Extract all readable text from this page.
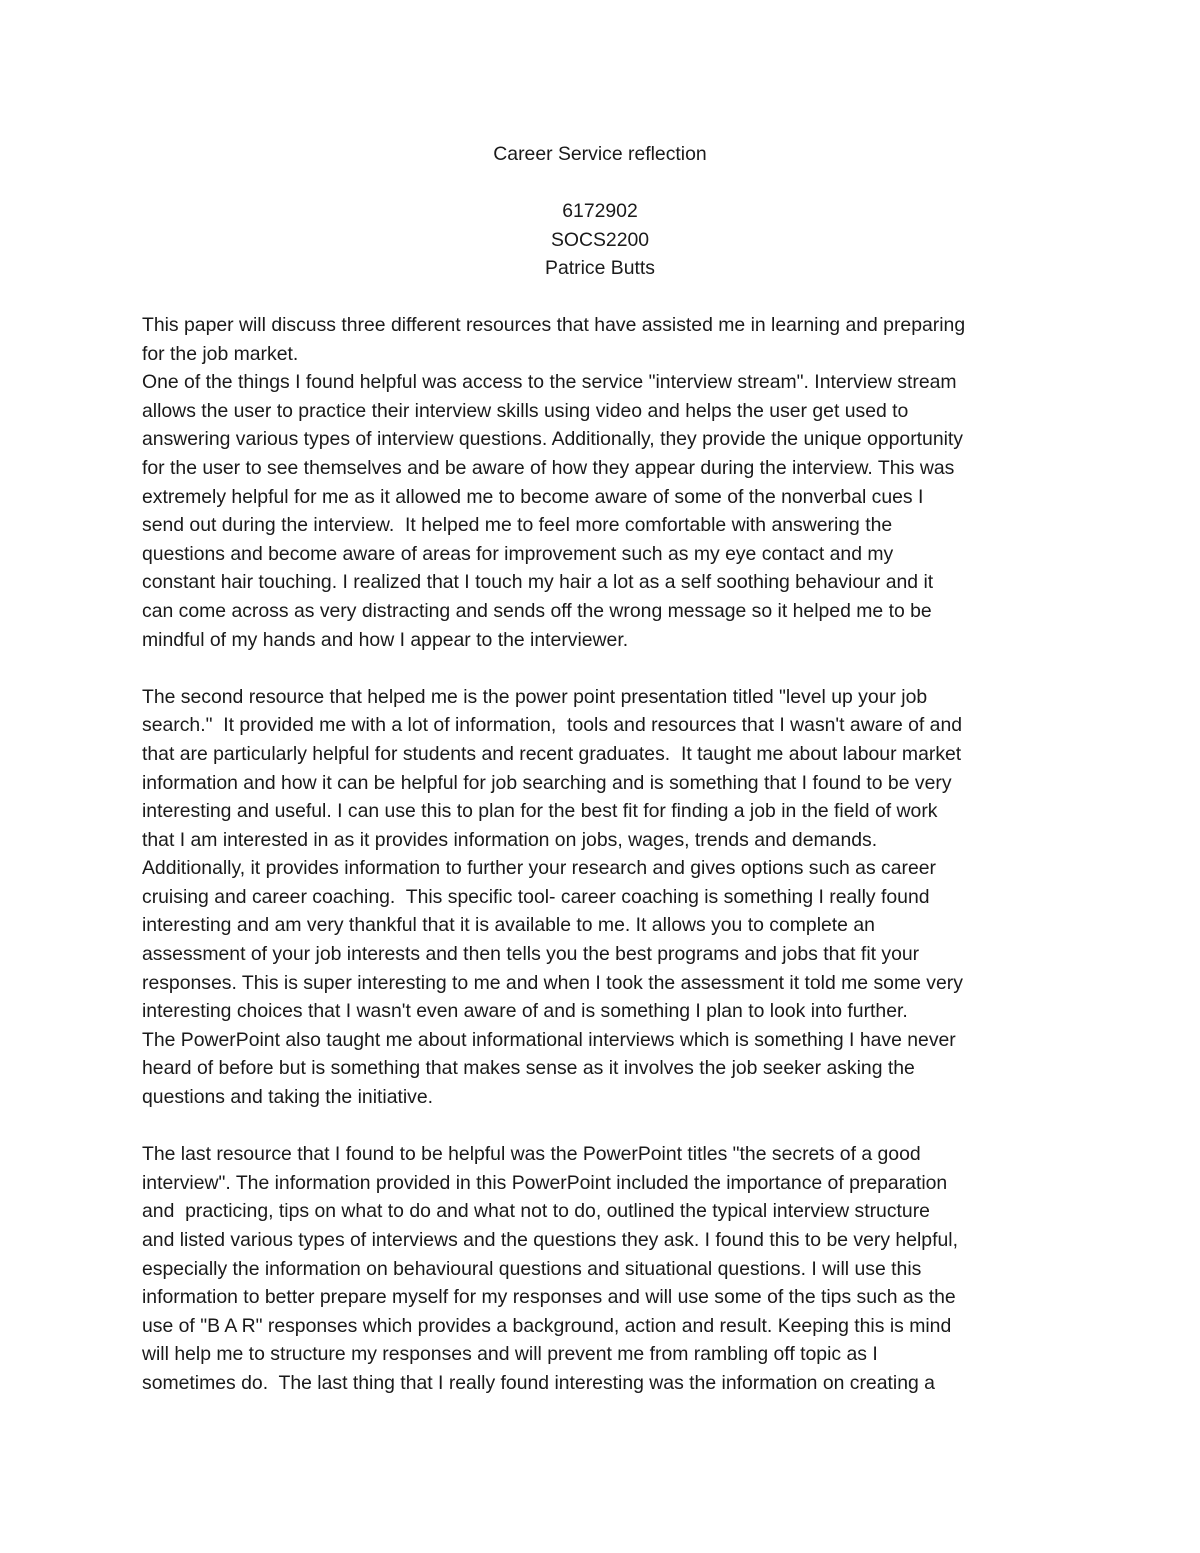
Career Service reflection
6172902
SOCS2200
Patrice Butts
This paper will discuss three different resources that have assisted me in learning and preparing
for the job market.
One of the things I found helpful was access to the service "interview stream". Interview stream
allows the user to practice their interview skills using video and helps the user get used to
answering various types of interview questions. Additionally, they provide the unique opportunity
for the user to see themselves and be aware of how they appear during the interview. This was
extremely helpful for me as it allowed me to become aware of some of the nonverbal cues I
send out during the interview.  It helped me to feel more comfortable with answering the
questions and become aware of areas for improvement such as my eye contact and my
constant hair touching. I realized that I touch my hair a lot as a self soothing behaviour and it
can come across as very distracting and sends off the wrong message so it helped me to be
mindful of my hands and how I appear to the interviewer.
The second resource that helped me is the power point presentation titled "level up your job
search."  It provided me with a lot of information,  tools and resources that I wasn't aware of and
that are particularly helpful for students and recent graduates.  It taught me about labour market
information and how it can be helpful for job searching and is something that I found to be very
interesting and useful. I can use this to plan for the best fit for finding a job in the field of work
that I am interested in as it provides information on jobs, wages, trends and demands.
Additionally, it provides information to further your research and gives options such as career
cruising and career coaching.  This specific tool- career coaching is something I really found
interesting and am very thankful that it is available to me. It allows you to complete an
assessment of your job interests and then tells you the best programs and jobs that fit your
responses. This is super interesting to me and when I took the assessment it told me some very
interesting choices that I wasn't even aware of and is something I plan to look into further.
The PowerPoint also taught me about informational interviews which is something I have never
heard of before but is something that makes sense as it involves the job seeker asking the
questions and taking the initiative.
The last resource that I found to be helpful was the PowerPoint titles "the secrets of a good
interview". The information provided in this PowerPoint included the importance of preparation
and  practicing, tips on what to do and what not to do, outlined the typical interview structure
and listed various types of interviews and the questions they ask. I found this to be very helpful,
especially the information on behavioural questions and situational questions. I will use this
information to better prepare myself for my responses and will use some of the tips such as the
use of "B A R" responses which provides a background, action and result. Keeping this is mind
will help me to structure my responses and will prevent me from rambling off topic as I
sometimes do.  The last thing that I really found interesting was the information on creating a
